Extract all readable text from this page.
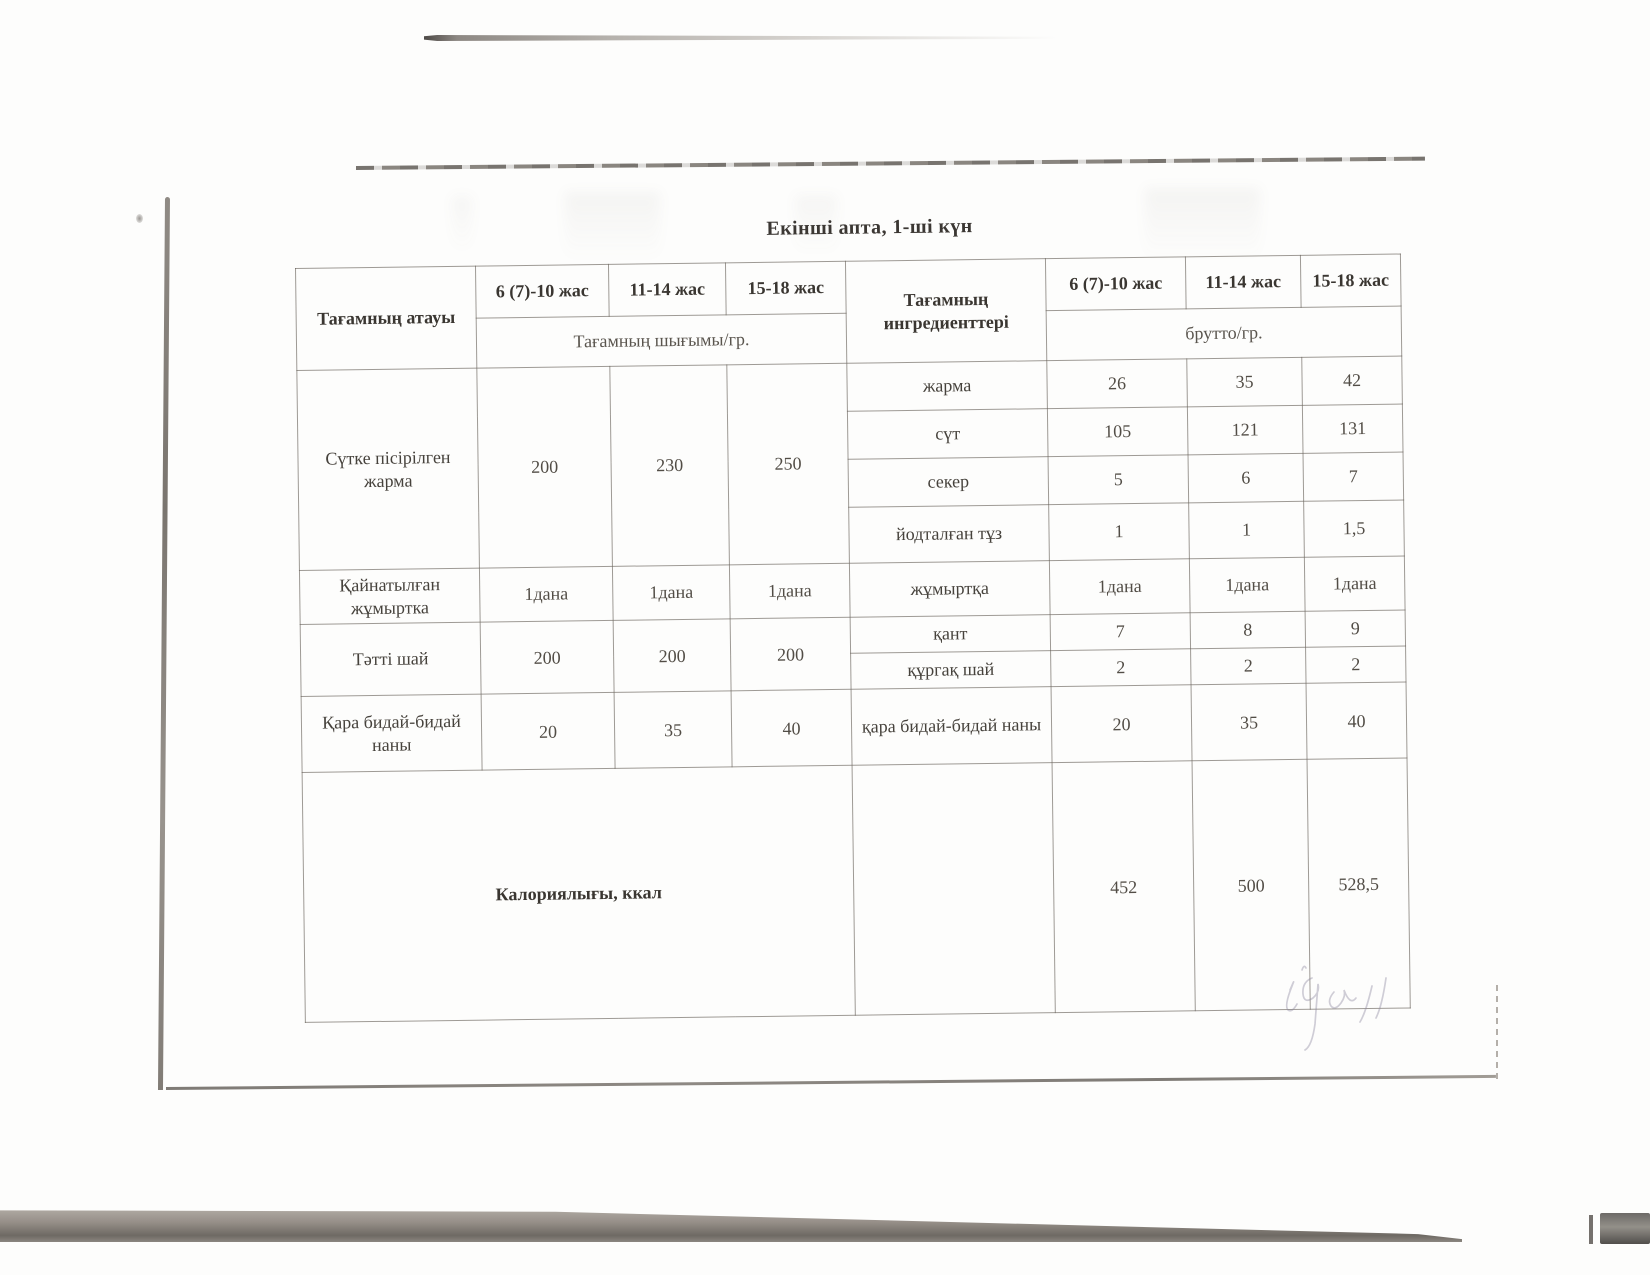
Екінші апта, 1-ші күн
Тағамның атауы	6 (7)-10 жас	11-14 жас	15-18 жас	Тағамның ингредиенттері	6 (7)-10 жас	11-14 жас	15-18 жас
	Тағамның шығымы/гр.				брутто/гр.		
Сүтке пісірілген жарма	200	230	250	жарма	26	35	42
				сүт	105	121	131
				секер	5	6	7
				йодталған тұз	1	1	1,5
Қайнатылған жұмыртка	1дана	1дана	1дана	жұмыртқа	1дана	1дана	1дана
Тәтті шай	200	200	200	қант	7	8	9
				құргақ шай	2	2	2
Қара бидай-бидай наны	20	35	40	қара бидай-бидай наны	20	35	40
Калориялығы, ккал					452	500	528,5
